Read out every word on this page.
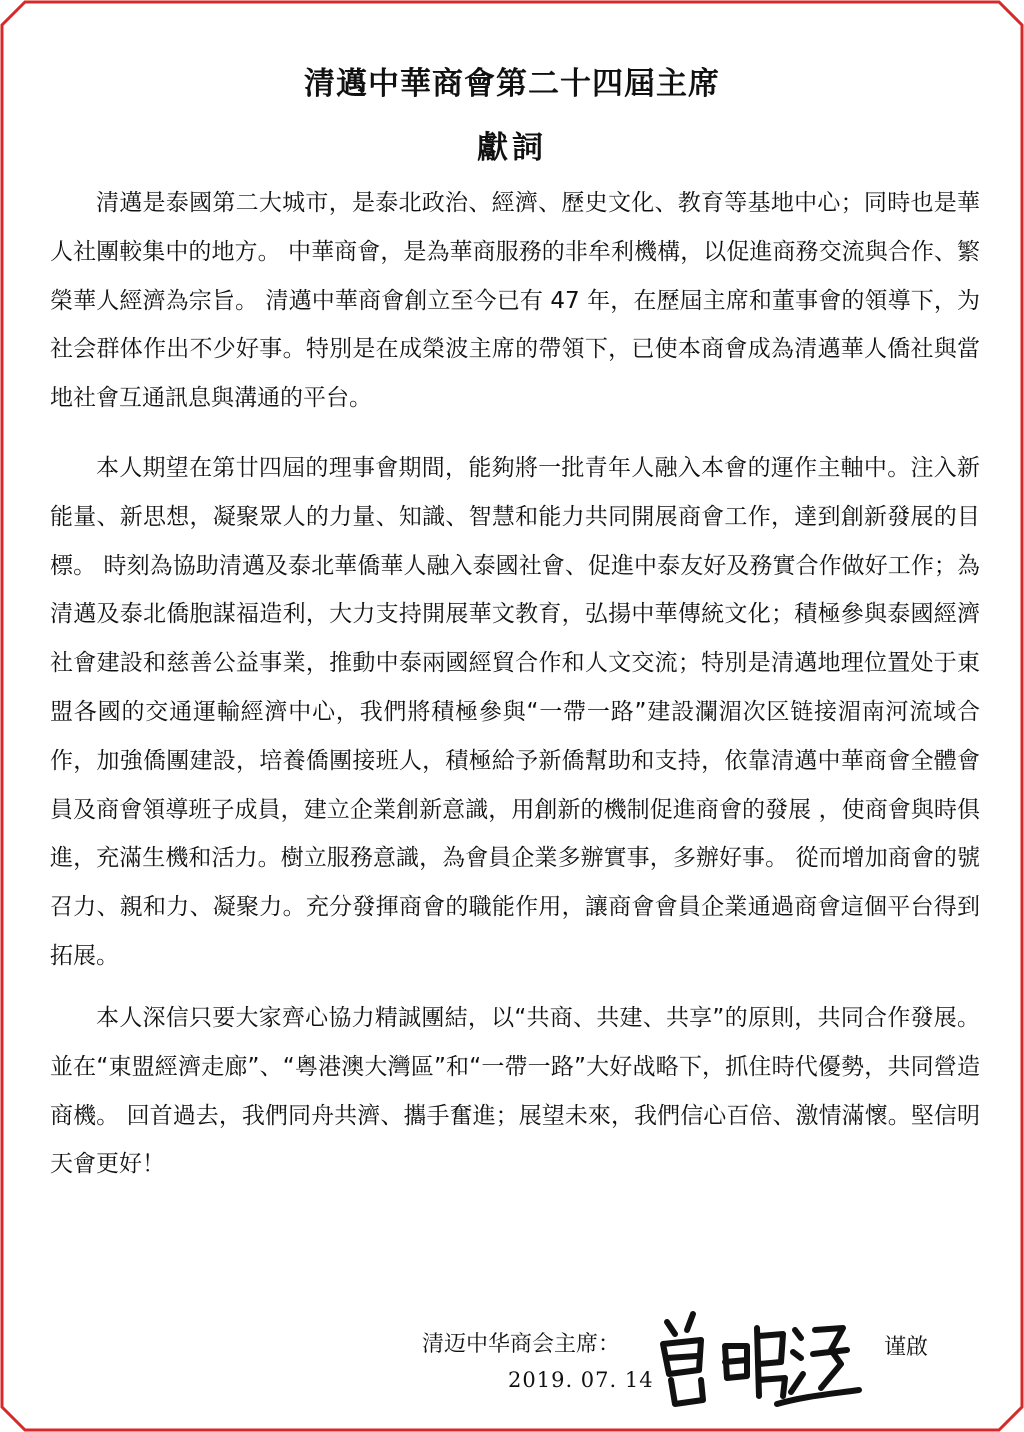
清邁中華商會第二十四屆主席
獻詞

清邁是泰國第二大城市，是泰北政治、經濟、歷史文化、教育等基地中心；同時也是華人社團較集中的地方。 中華商會，是為華商服務的非牟利機構，以促進商務交流與合作、繁榮華人經濟為宗旨。 清邁中華商會創立至今已有 47 年，在歷屆主席和董事會的領導下，为社会群体作出不少好事。特別是在成榮波主席的帶領下，已使本商會成為清邁華人僑社與當地社會互通訊息與溝通的平台。

本人期望在第廿四屆的理事會期間，能夠將一批青年人融入本會的運作主軸中。注入新能量、新思想，凝聚眾人的力量、知識、智慧和能力共同開展商會工作，達到創新發展的目標。 時刻為協助清邁及泰北華僑華人融入泰國社會、促進中泰友好及務實合作做好工作；為清邁及泰北僑胞謀福造利，大力支持開展華文教育，弘揚中華傳統文化；積極參與泰國經濟社會建設和慈善公益事業，推動中泰兩國經貿合作和人文交流；特別是清邁地理位置处于東盟各國的交通運輸經濟中心，我們將積極參與“一帶一路”建設瀾湄次区链接湄南河流域合作，加強僑團建設，培養僑團接班人，積極給予新僑幫助和支持，依靠清邁中華商會全體會員及商會領導班子成員，建立企業創新意識，用創新的機制促進商會的發展 ，使商會與時俱進，充滿生機和活力。樹立服務意識，為會員企業多辦實事，多辦好事。 從而增加商會的號召力、親和力、凝聚力。充分發揮商會的職能作用，讓商會會員企業通過商會這個平台得到拓展。

本人深信只要大家齊心協力精誠團結，以“共商、共建、共享”的原則，共同合作發展。並在“東盟經濟走廊”、“粵港澳大灣區”和“一帶一路”大好战略下，抓住時代優勢，共同營造商機。 回首過去，我們同舟共濟、攜手奮進；展望未來，我們信心百倍、激情滿懷。堅信明天會更好！

清迈中华商会主席：
2019. 07. 14
谨啟
